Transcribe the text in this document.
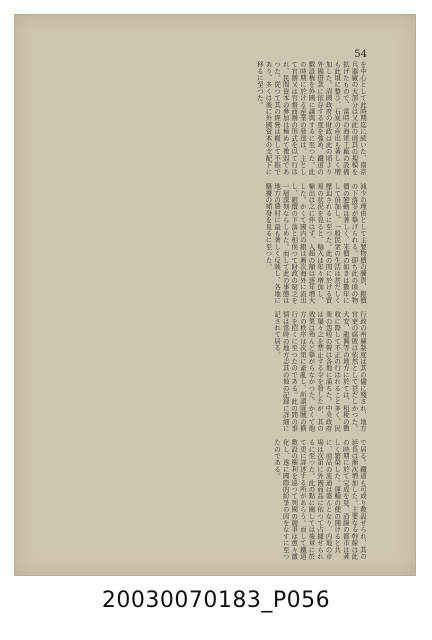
54

を中心として此時期迄に続いた、南京兵器廠の大部分は又此の頃其の規模を拡げたもので、當時の海軍工廠の設備も此頃に整ひ、石炭の産出も著しく増加した。清國政府の財政は此の頃より外國借款に依存する度を強め、鐵道の敷設権を外國に譲與するに至つた。此の時期に於ける産業の發達は、主として官辦又は官督商辦の形式を以て行はれ、民間資本の參加は極めて微弱であつた。從つて其の經營は概して不振であり、多くは後に外國資本の支配下に移るに至つた。

減少の理由として主要物價の騰貴、銀價の下落等が擧げられる。即ち此の頃の物價の變動は著しく、米價の如きは數年にして倍加し、一般民衆の生活は甚だしく壓迫されるに至つた。此の間に於ける貿易の状況を見ると、輸入は年々増加し、輸出は之に伴はず、入超の額は逐年増大した。かくて國内の銀は漸次海外に流出し、銀價の下落と相俟つて財政の窮乏を一層深刻ならしめた。而して此の事態は地方の農村に最も著しく反映し、各地に騷擾の頻發を見るに至つた。

行政の州縣制度は其の儘に殘され、地方官吏の腐敗は依然として甚だしかつた。大安、龍興等の地方に於ては、租税の徴收に際して不正の行はれること多く、民衆の怨嗟の聲は各地に滿ちた。中央政府は屡々之を禁止する令を發したが、其の效果は殆んど擧がらなかつた。かくて地方の秩序は次第に紊亂し、所謂匪賊の横行を招くに至つたのである。此の間の事情は當時の地方志其の他の記録に詳細に記されて居る。

で居る。鐵道も可成り敷設せられ、其の延長は漸次増加した。主要なる幹線は此の時期に於て完成を見、沿線の都市は著しく繁榮した。運輸の便の開けると共に、商品の流通は盛んとなり、内地の市場は次第に外國商品に依つて占據せられるに至つた。此の點に關しては後章に於て更に詳述する所があらう。而して鐵道敷設の権利を巡つて列國の競爭は愈々激化し、遂に國際的紛爭の因をなすに至つたのである。

20030070183_P056
